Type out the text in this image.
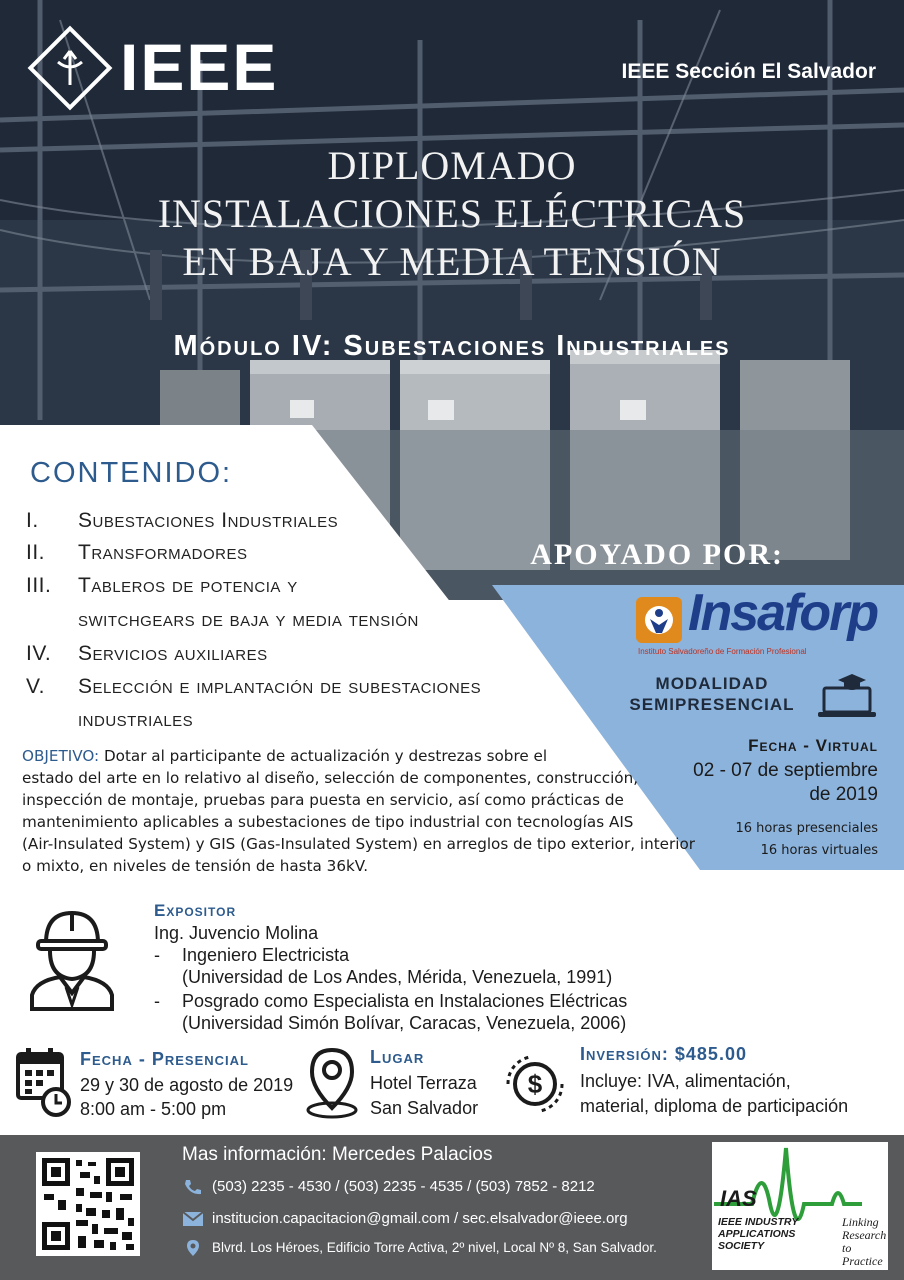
IEEE	IEEE Sección El Salvador
DIPLOMADO
INSTALACIONES ELÉCTRICAS
EN BAJA Y MEDIA TENSIÓN
Módulo IV: Subestaciones Industriales
CONTENIDO:
I. Subestaciones Industriales
II. Transformadores
III. Tableros de potencia y
switchgears de baja y media tensión
IV. Servicios auxiliares
V. Selección e implantación de subestaciones
industriales
APOYADO POR:
Insaforp
Instituto Salvadoreño de Formación Profesional
MODALIDAD
SEMIPRESENCIAL
Fecha - Virtual
02 - 07 de septiembre
de 2019
16 horas presenciales
16 horas virtuales
OBJETIVO: Dotar al participante de actualización y destrezas sobre el
estado del arte en lo relativo al diseño, selección de componentes, construcción,
inspección de montaje, pruebas para puesta en servicio, así como prácticas de
mantenimiento aplicables a subestaciones de tipo industrial con tecnologías AIS
(Air-Insulated System) y GIS (Gas-Insulated System) en arreglos de tipo exterior, interior
o mixto, en niveles de tensión de hasta 36kV.
Expositor
Ing. Juvencio Molina
- Ingeniero Electricista
(Universidad de Los Andes, Mérida, Venezuela, 1991)
- Posgrado como Especialista en Instalaciones Eléctricas
(Universidad Simón Bolívar, Caracas, Venezuela, 2006)
Fecha - Presencial
29 y 30 de agosto de 2019
8:00 am - 5:00 pm
Lugar
Hotel Terraza
San Salvador
$
Inversión: $485.00
Incluye: IVA, alimentación,
material, diploma de participación
Mas información: Mercedes Palacios
(503) 2235 - 4530 / (503) 2235 - 4535 / (503) 7852 - 8212
institucion.capacitacion@gmail.com / sec.elsalvador@ieee.org
Blvrd. Los Héroes, Edificio Torre Activa, 2º nivel, Local Nº 8, San Salvador.
IAS
IEEE INDUSTRY
APPLICATIONS
SOCIETY
Linking
Research
to Practice
